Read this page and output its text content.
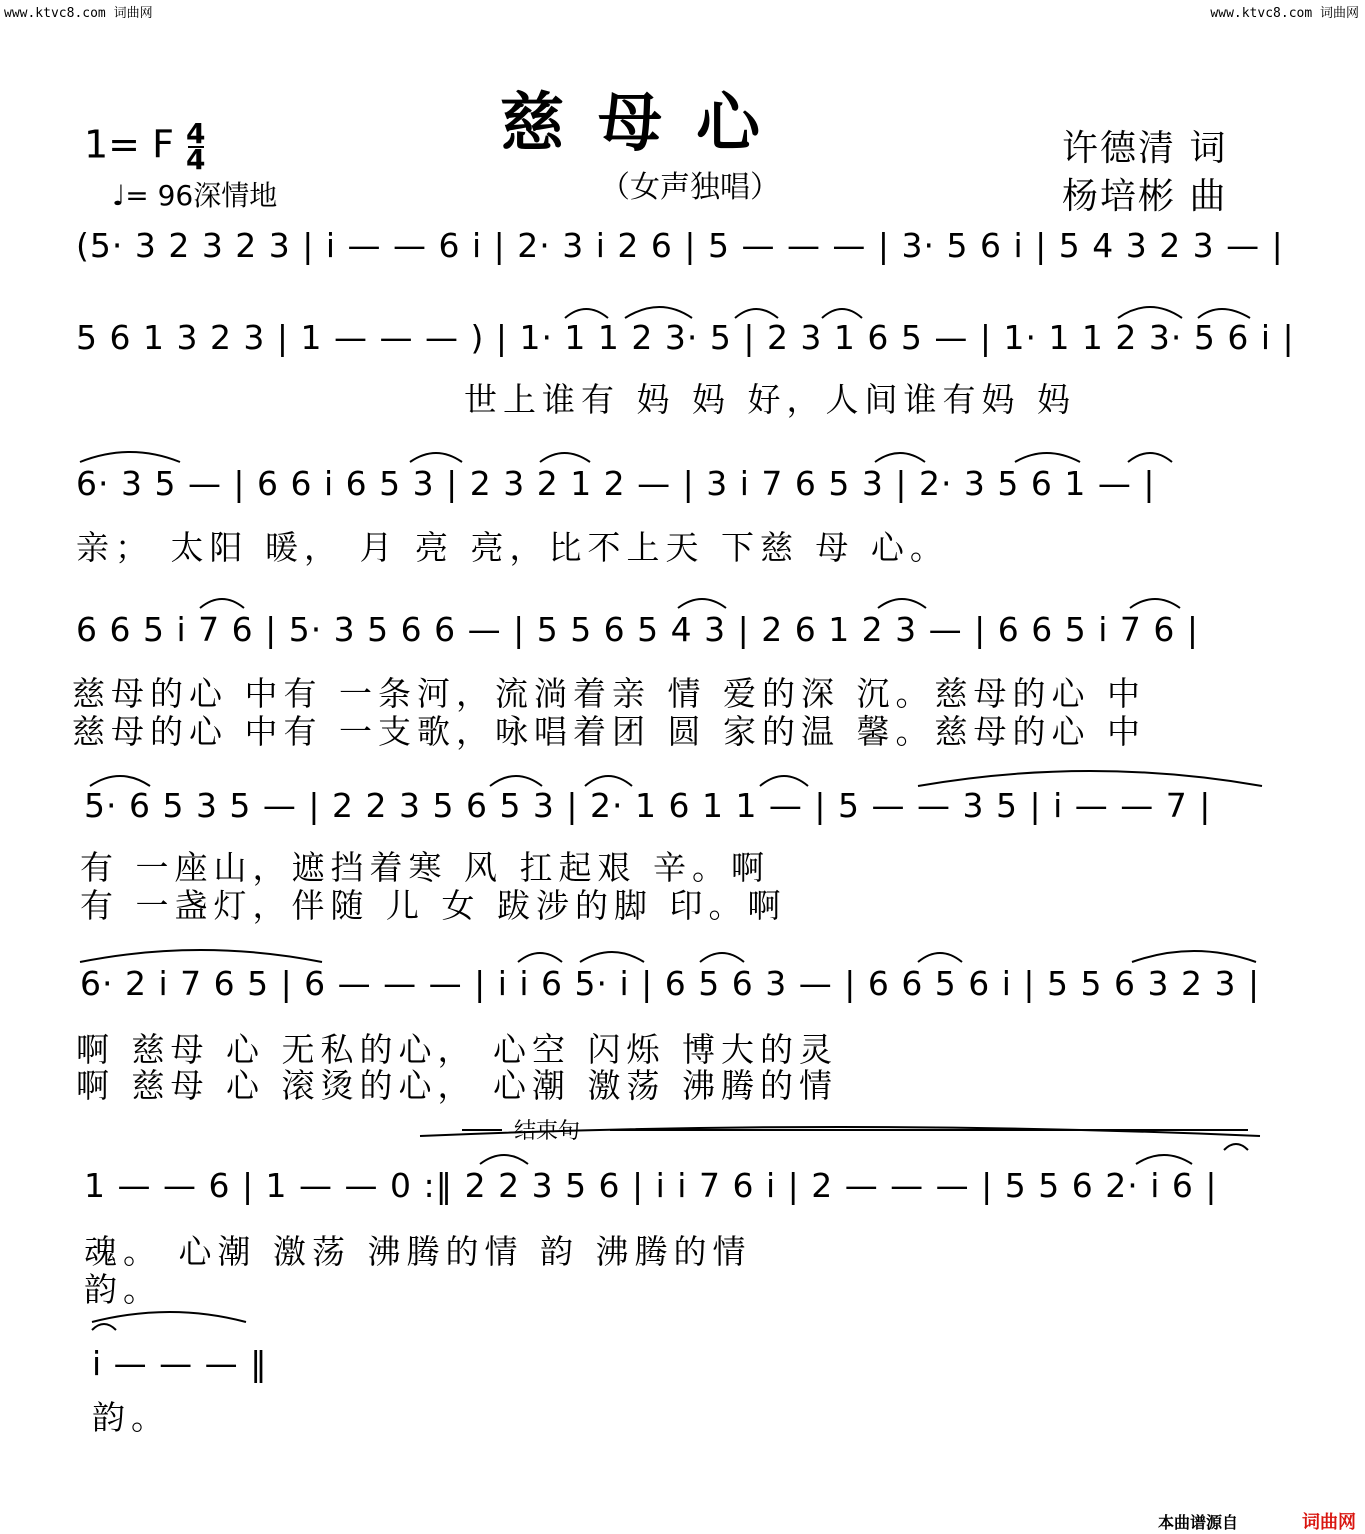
www.ktvc8.com 词曲网	www.ktvc8.com 词曲网
慈母心
（女声独唱）
1= F $\frac{4}{4}$
♩= 96深情地
许德清 词
杨培彬 曲
(5· 3 2 3 2 3 | i — — 6 i | 2· 3 i 2 6 | 5 — — — | 3· 5 6 i | 5 4 3 2 3 — |
5 6 1 3 2 3 | 1 — — — ) | 1· 1 1 2 3· 5 | 2 3 1 6 5 — | 1· 1 1 2 3· 5 6 i |
世上谁有 妈 妈 好，人间谁有妈 妈
6· 3 5 — | 6 6 i 6 5 3 | 2 3 2 1 2 — | 3 i 7 6 5 3 | 2· 3 5 6 1 — |
亲； 太阳 暖， 月 亮 亮，比不上天 下慈 母 心。
6 6 5 i 7 6 | 5· 3 5 6 6 — | 5 5 6 5 4 3 | 2 6 1 2 3 — | 6 6 5 i 7 6 |
慈母的心 中有 一条河，流淌着亲 情 爱的深 沉。慈母的心 中
慈母的心 中有 一支歌，咏唱着团 圆 家的温 馨。慈母的心 中
5· 6 5 3 5 — | 2 2 3 5 6 5 3 | 2· 1 6 1 1 — | 5 — — 3 5 | i — — 7 |
有 一座山，遮挡着寒 风 扛起艰 辛。啊
有 一盏灯，伴随 儿 女 跋涉的脚 印。啊
6· 2 i 7 6 5 | 6 — — — | i i 6 5· i | 6 5 6 3 — | 6 6 5 6 i | 5 5 6 3 2 3 |
啊 慈母 心 无私的心， 心空 闪烁 博大的灵
啊 慈母 心 滚烫的心， 心潮 激荡 沸腾的情
结束句
1 — — 6 | 1 — — 0 :‖ 2 2 3 5 6 | i i 7 6 i | 2 — — — | 5 5 6 2· i 6 |
魂。 心潮 激荡 沸腾的情 韵 沸腾的情
韵。
i — — — ‖
韵。
本曲谱源自	词曲网
